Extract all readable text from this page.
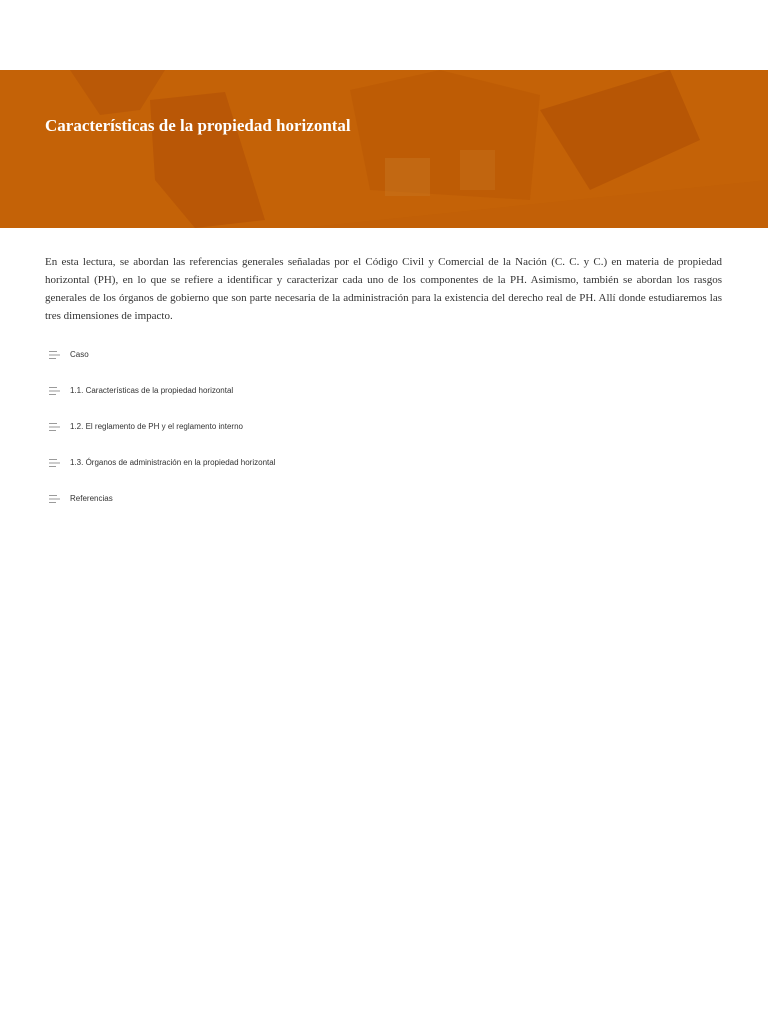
Características de la propiedad horizontal

En esta lectura, se abordan las referencias generales señaladas por el Código Civil y Comercial de la Nación (C. C. y C.) en materia de propiedad horizontal (PH), en lo que se refiere a identificar y caracterizar cada uno de los componentes de la PH. Asimismo, también se abordan los rasgos generales de los órganos de gobierno que son parte necesaria de la administración para la existencia del derecho real de PH. Allí donde estudiaremos las tres dimensiones de impacto.

Caso
1.1. Características de la propiedad horizontal
1.2. El reglamento de PH y el reglamento interno
1.3. Órganos de administración en la propiedad horizontal
Referencias
